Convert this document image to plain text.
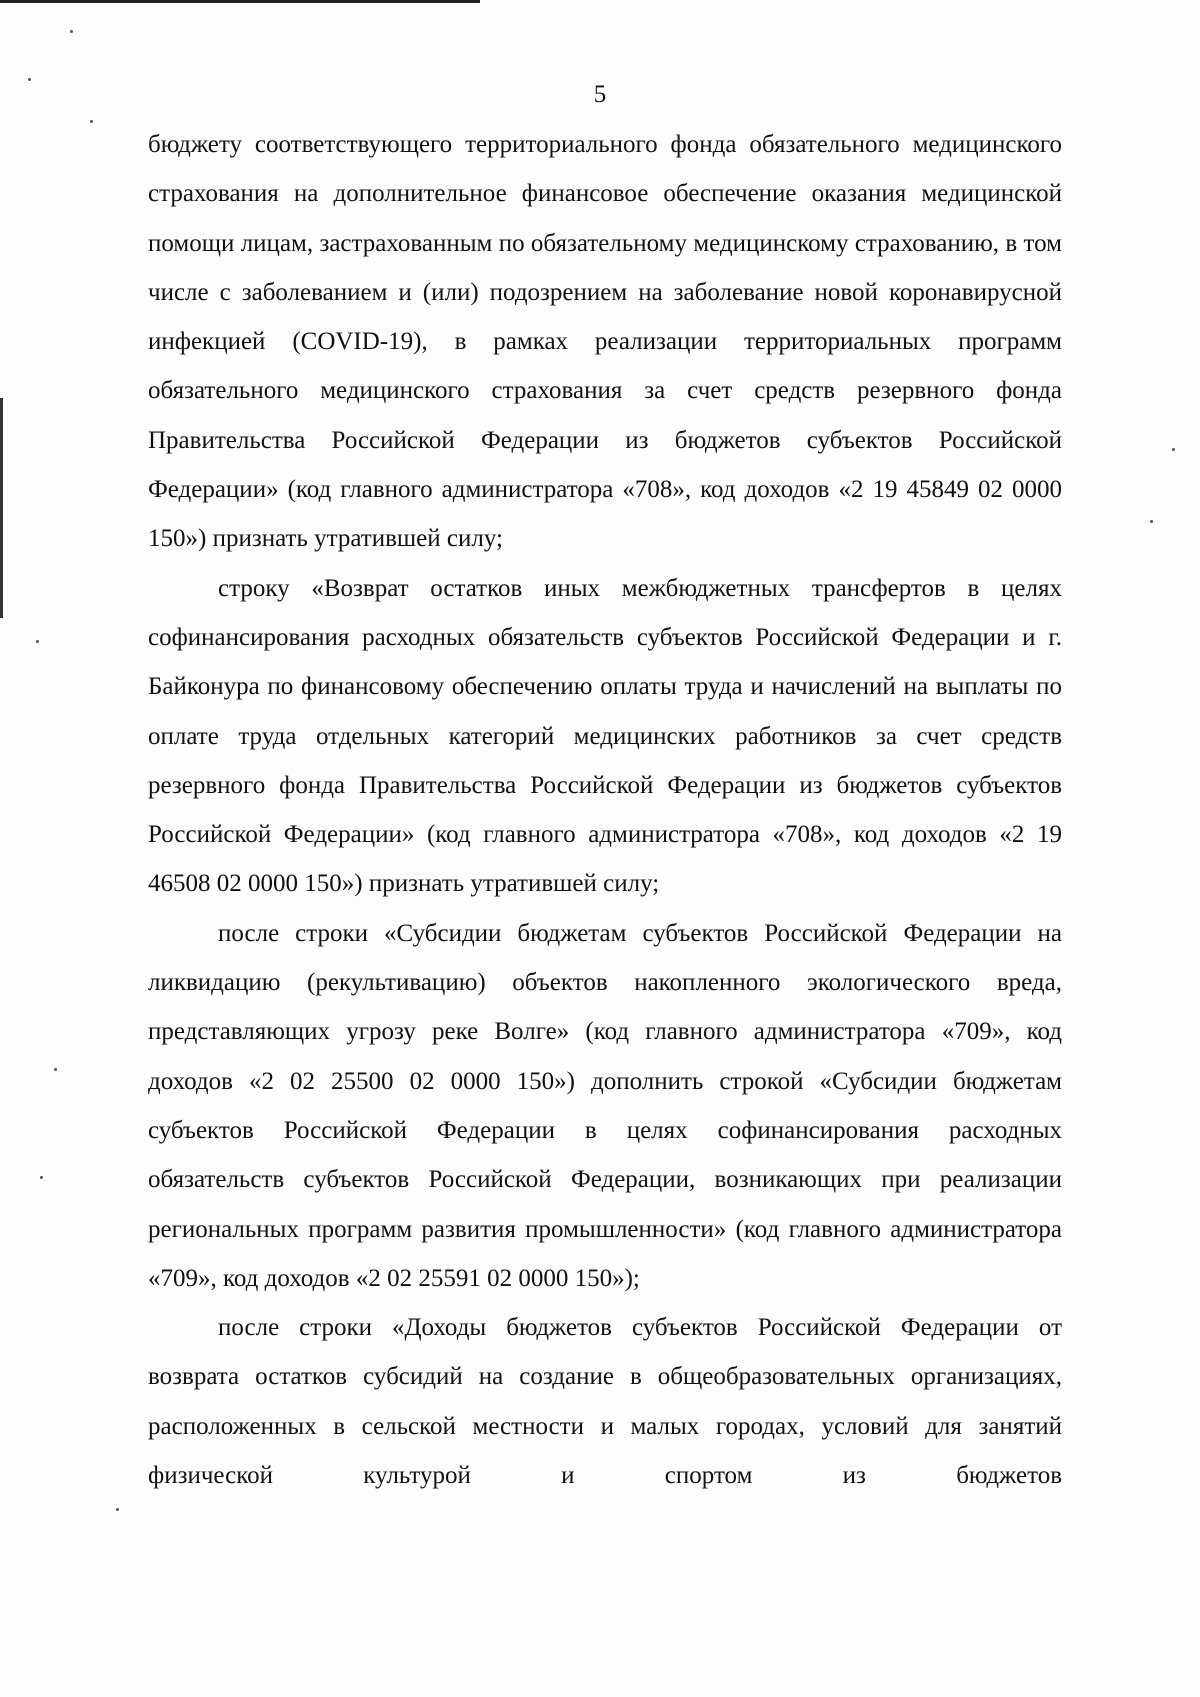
5

бюджету соответствующего территориального фонда обязательного медицинского страхования на дополнительное финансовое обеспечение оказания медицинской помощи лицам, застрахованным по обязательному медицинскому страхованию, в том числе с заболеванием и (или) подозрением на заболевание новой коронавирусной инфекцией (COVID-19), в рамках реализации территориальных программ обязательного медицинского страхования за счет средств резервного фонда Правительства Российской Федерации из бюджетов субъектов Российской Федерации» (код главного администратора «708», код доходов «2 19 45849 02 0000 150») признать утратившей силу;

строку «Возврат остатков иных межбюджетных трансфертов в целях софинансирования расходных обязательств субъектов Российской Федерации и г. Байконура по финансовому обеспечению оплаты труда и начислений на выплаты по оплате труда отдельных категорий медицинских работников за счет средств резервного фонда Правительства Российской Федерации из бюджетов субъектов Российской Федерации» (код главного администратора «708», код доходов «2 19 46508 02 0000 150») признать утратившей силу;

после строки «Субсидии бюджетам субъектов Российской Федерации на ликвидацию (рекультивацию) объектов накопленного экологического вреда, представляющих угрозу реке Волге» (код главного администратора «709», код доходов «2 02 25500 02 0000 150») дополнить строкой «Субсидии бюджетам субъектов Российской Федерации в целях софинансирования расходных обязательств субъектов Российской Федерации, возникающих при реализации региональных программ развития промышленности» (код главного администратора «709», код доходов «2 02 25591 02 0000 150»);

после строки «Доходы бюджетов субъектов Российской Федерации от возврата остатков субсидий на создание в общеобразовательных организациях, расположенных в сельской местности и малых городах, условий для занятий физической культурой и спортом из бюджетов
